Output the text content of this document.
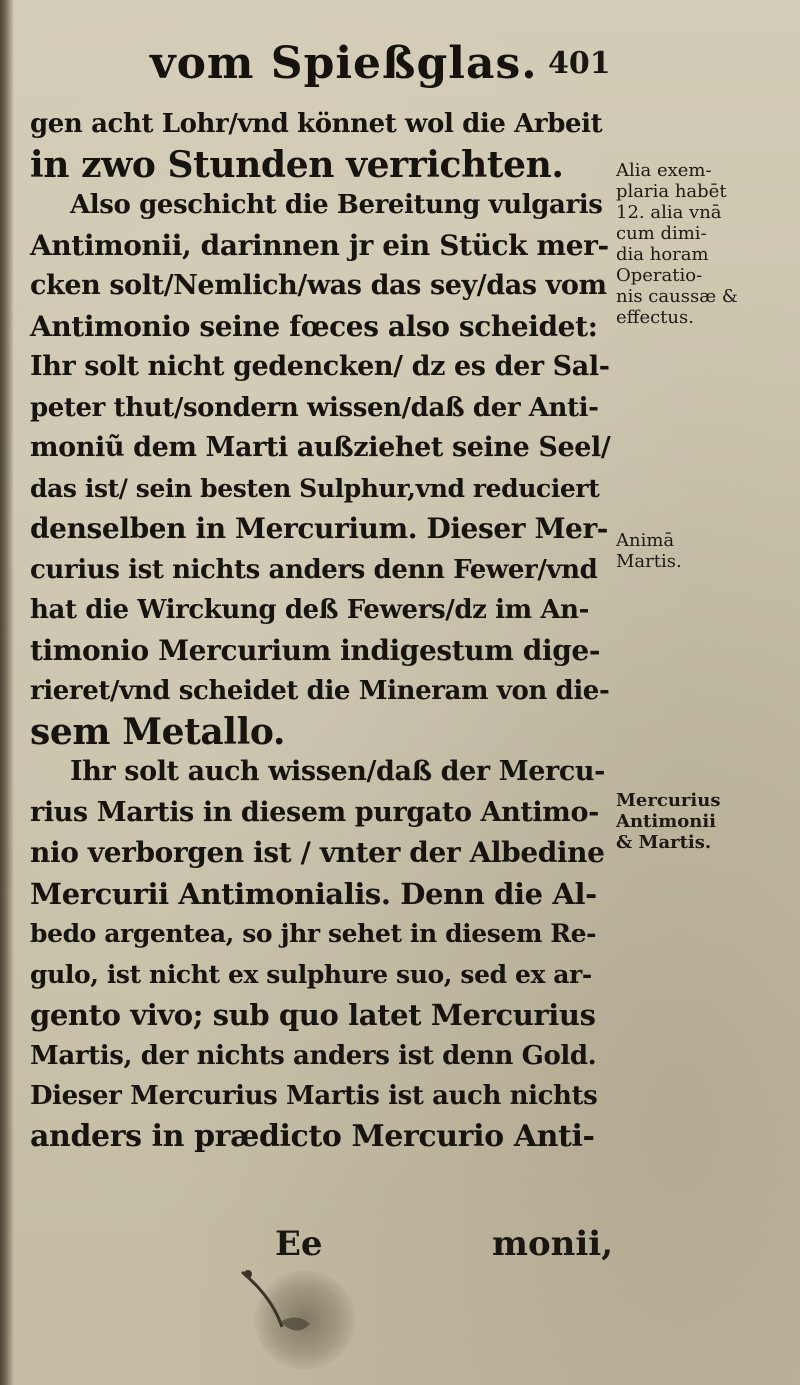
vom Spießglas. 401
gen acht Lohr/vnd könnet wol die Arbeit
in zwo Stunden verrichten.
Also geschicht die Bereitung vulgaris
Antimonii, darinnen jr ein Stück mer-
cken solt/Nemlich/was das sey/das vom
Antimonio seine fœces also scheidet:
Ihr solt nicht gedencken/ dz es der Sal-
peter thut/sondern wissen/daß der Anti-
moniũ dem Marti außziehet seine Seel/
das ist/ sein besten Sulphur,vnd reduciert
denselben in Mercurium. Dieser Mer-
curius ist nichts anders denn Fewer/vnd
hat die Wirckung deß Fewers/dz im An-
timonio Mercurium indigestum dige-
rieret/vnd scheidet die Mineram von die-
sem Metallo.
Ihr solt auch wissen/daß der Mercu-
rius Martis in diesem purgato Antimo-
nio verborgen ist / vnter der Albedine
Mercurii Antimonialis. Denn die Al-
bedo argentea, so jhr sehet in diesem Re-
gulo, ist nicht ex sulphure suo, sed ex ar-
gento vivo; sub quo latet Mercurius
Martis, der nichts anders ist denn Gold.
Dieser Mercurius Martis ist auch nichts
anders in prædicto Mercurio Anti-
Alia exem-
plaria habēt
12. alia vnā
cum dimi-
dia horam
Operatio-
nis caussæ &
effectus.
Animā
Martis.
Mercurius
Antimonii
& Martis.
Ee	monii,
